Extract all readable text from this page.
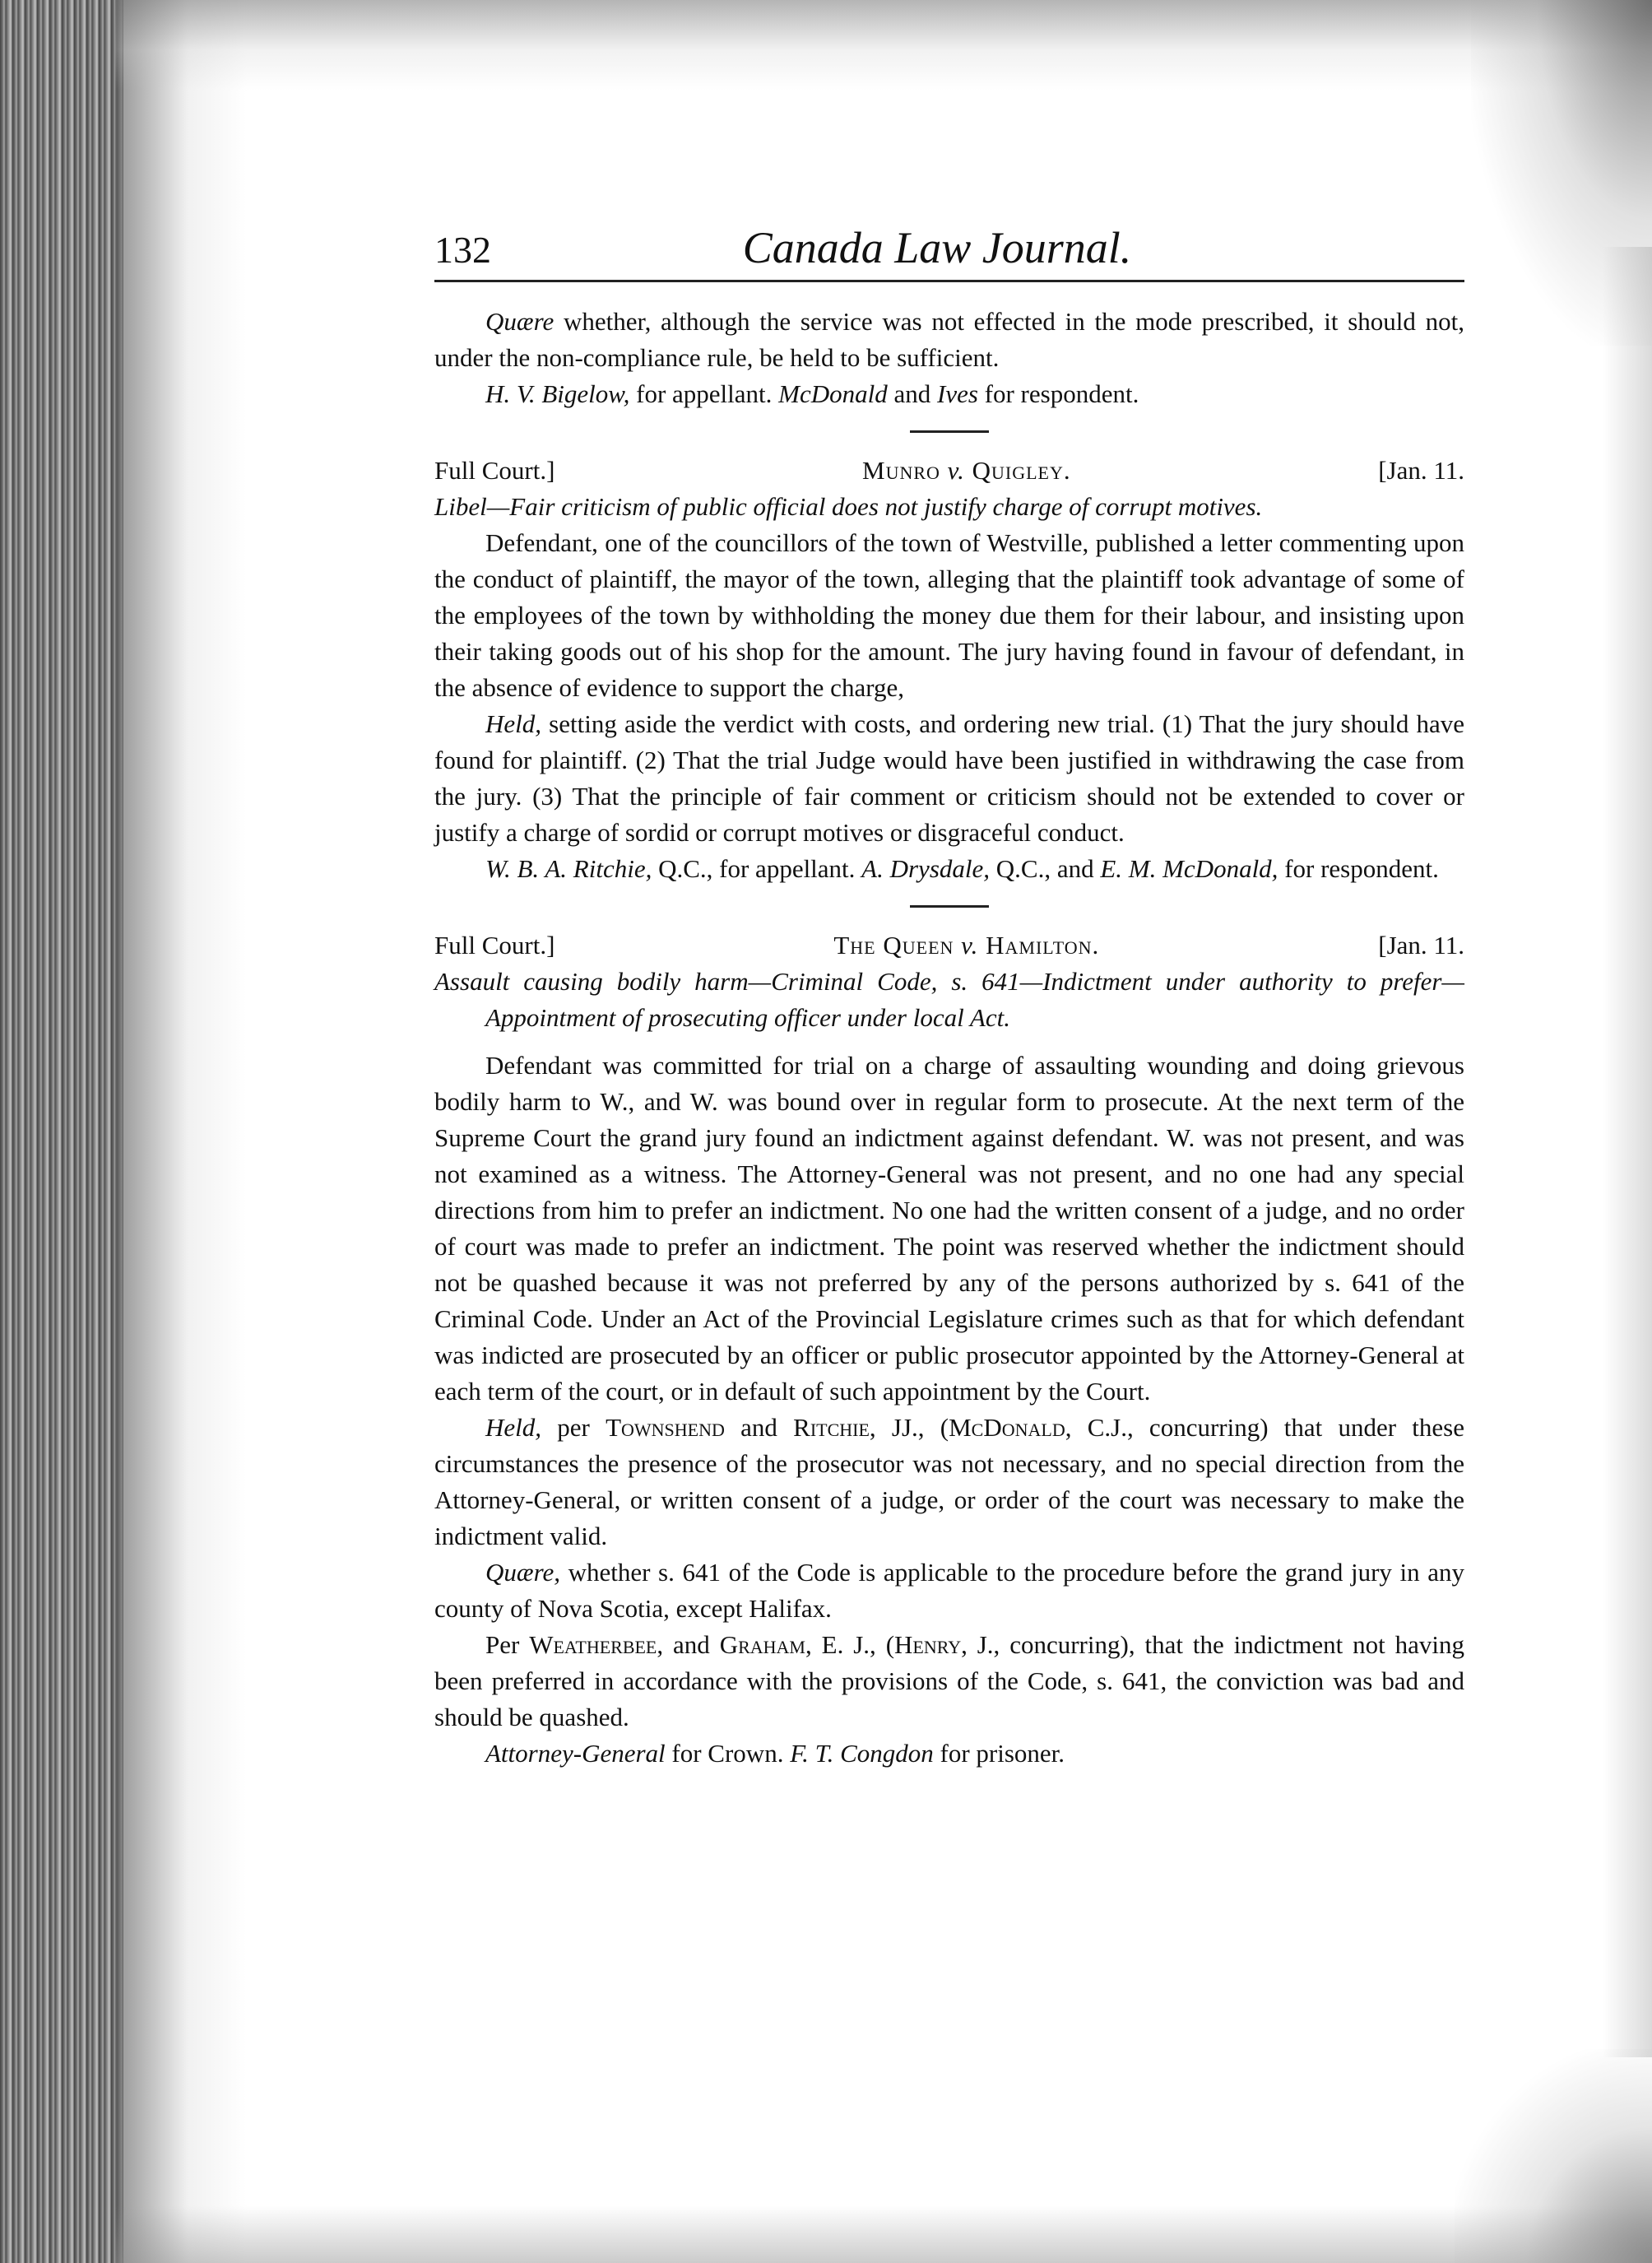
132	Canada Law Journal.

Quære whether, although the service was not effected in the mode prescribed, it should not, under the non-compliance rule, be held to be sufficient.

H. V. Bigelow, for appellant. McDonald and Ives for respondent.

Full Court.]	Munro v. Quigley.	[Jan. 11.

Libel—Fair criticism of public official does not justify charge of corrupt motives.

Defendant, one of the councillors of the town of Westville, published a letter commenting upon the conduct of plaintiff, the mayor of the town, alleging that the plaintiff took advantage of some of the employees of the town by withholding the money due them for their labour, and insisting upon their taking goods out of his shop for the amount. The jury having found in favour of defendant, in the absence of evidence to support the charge,

Held, setting aside the verdict with costs, and ordering new trial. (1) That the jury should have found for plaintiff. (2) That the trial Judge would have been justified in withdrawing the case from the jury. (3) That the principle of fair comment or criticism should not be extended to cover or justify a charge of sordid or corrupt motives or disgraceful conduct.

W. B. A. Ritchie, Q.C., for appellant. A. Drysdale, Q.C., and E. M. McDonald, for respondent.

Full Court.]	The Queen v. Hamilton.	[Jan. 11.

Assault causing bodily harm—Criminal Code, s. 641—Indictment under authority to prefer—Appointment of prosecuting officer under local Act.

Defendant was committed for trial on a charge of assaulting wounding and doing grievous bodily harm to W., and W. was bound over in regular form to prosecute. At the next term of the Supreme Court the grand jury found an indictment against defendant. W. was not present, and was not examined as a witness. The Attorney-General was not present, and no one had any special directions from him to prefer an indictment. No one had the written consent of a judge, and no order of court was made to prefer an indictment. The point was reserved whether the indictment should not be quashed because it was not preferred by any of the persons authorized by s. 641 of the Criminal Code. Under an Act of the Provincial Legislature crimes such as that for which defendant was indicted are prosecuted by an officer or public prosecutor appointed by the Attorney-General at each term of the court, or in default of such appointment by the Court.

Held, per Townshend and Ritchie, JJ., (McDonald, C.J., concurring) that under these circumstances the presence of the prosecutor was not necessary, and no special direction from the Attorney-General, or written consent of a judge, or order of the court was necessary to make the indictment valid.

Quære, whether s. 641 of the Code is applicable to the procedure before the grand jury in any county of Nova Scotia, except Halifax.

Per Weatherbee, and Graham, E. J., (Henry, J., concurring), that the indictment not having been preferred in accordance with the provisions of the Code, s. 641, the conviction was bad and should be quashed.

Attorney-General for Crown. F. T. Congdon for prisoner.
